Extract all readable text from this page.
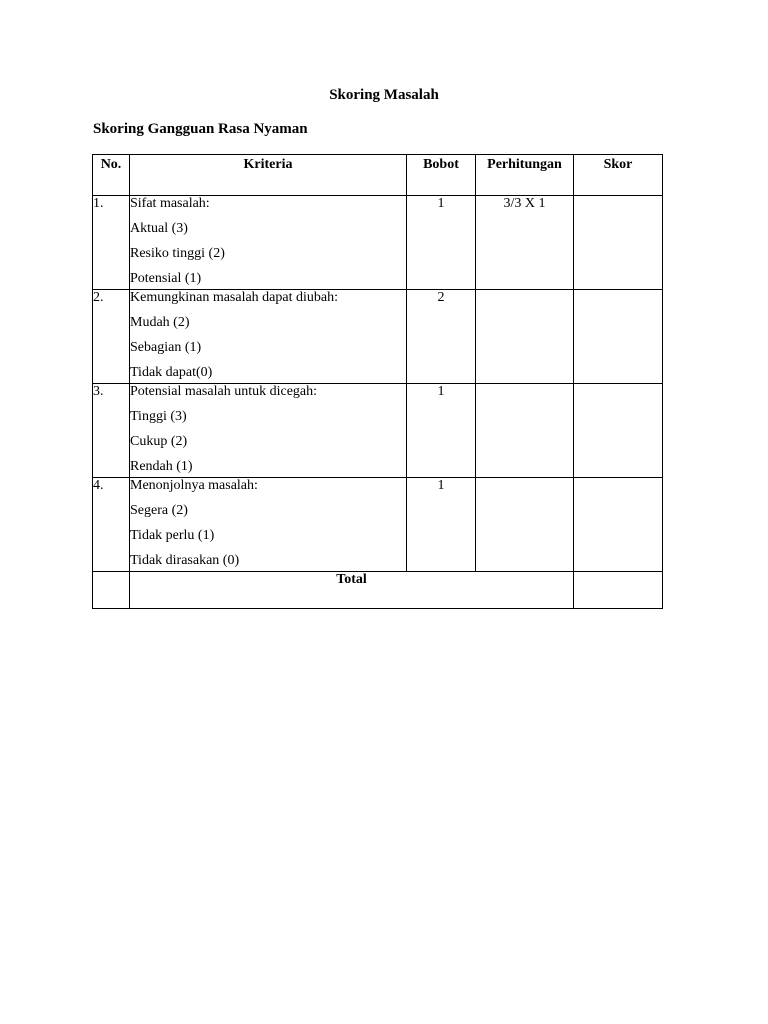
Skoring Masalah
Skoring Gangguan Rasa Nyaman
No.	Kriteria	Bobot	Perhitungan	Skor
1.	Sifat masalah:
Aktual (3)
Resiko tinggi (2)
Potensial (1)	1	3/3 X 1	
2.	Kemungkinan masalah dapat diubah:
Mudah (2)
Sebagian (1)
Tidak dapat(0)	2		
3.	Potensial masalah untuk dicegah:
Tinggi (3)
Cukup (2)
Rendah (1)	1		
4.	Menonjolnya masalah:
Segera (2)
Tidak perlu (1)
Tidak dirasakan (0)	1		
	Total			
